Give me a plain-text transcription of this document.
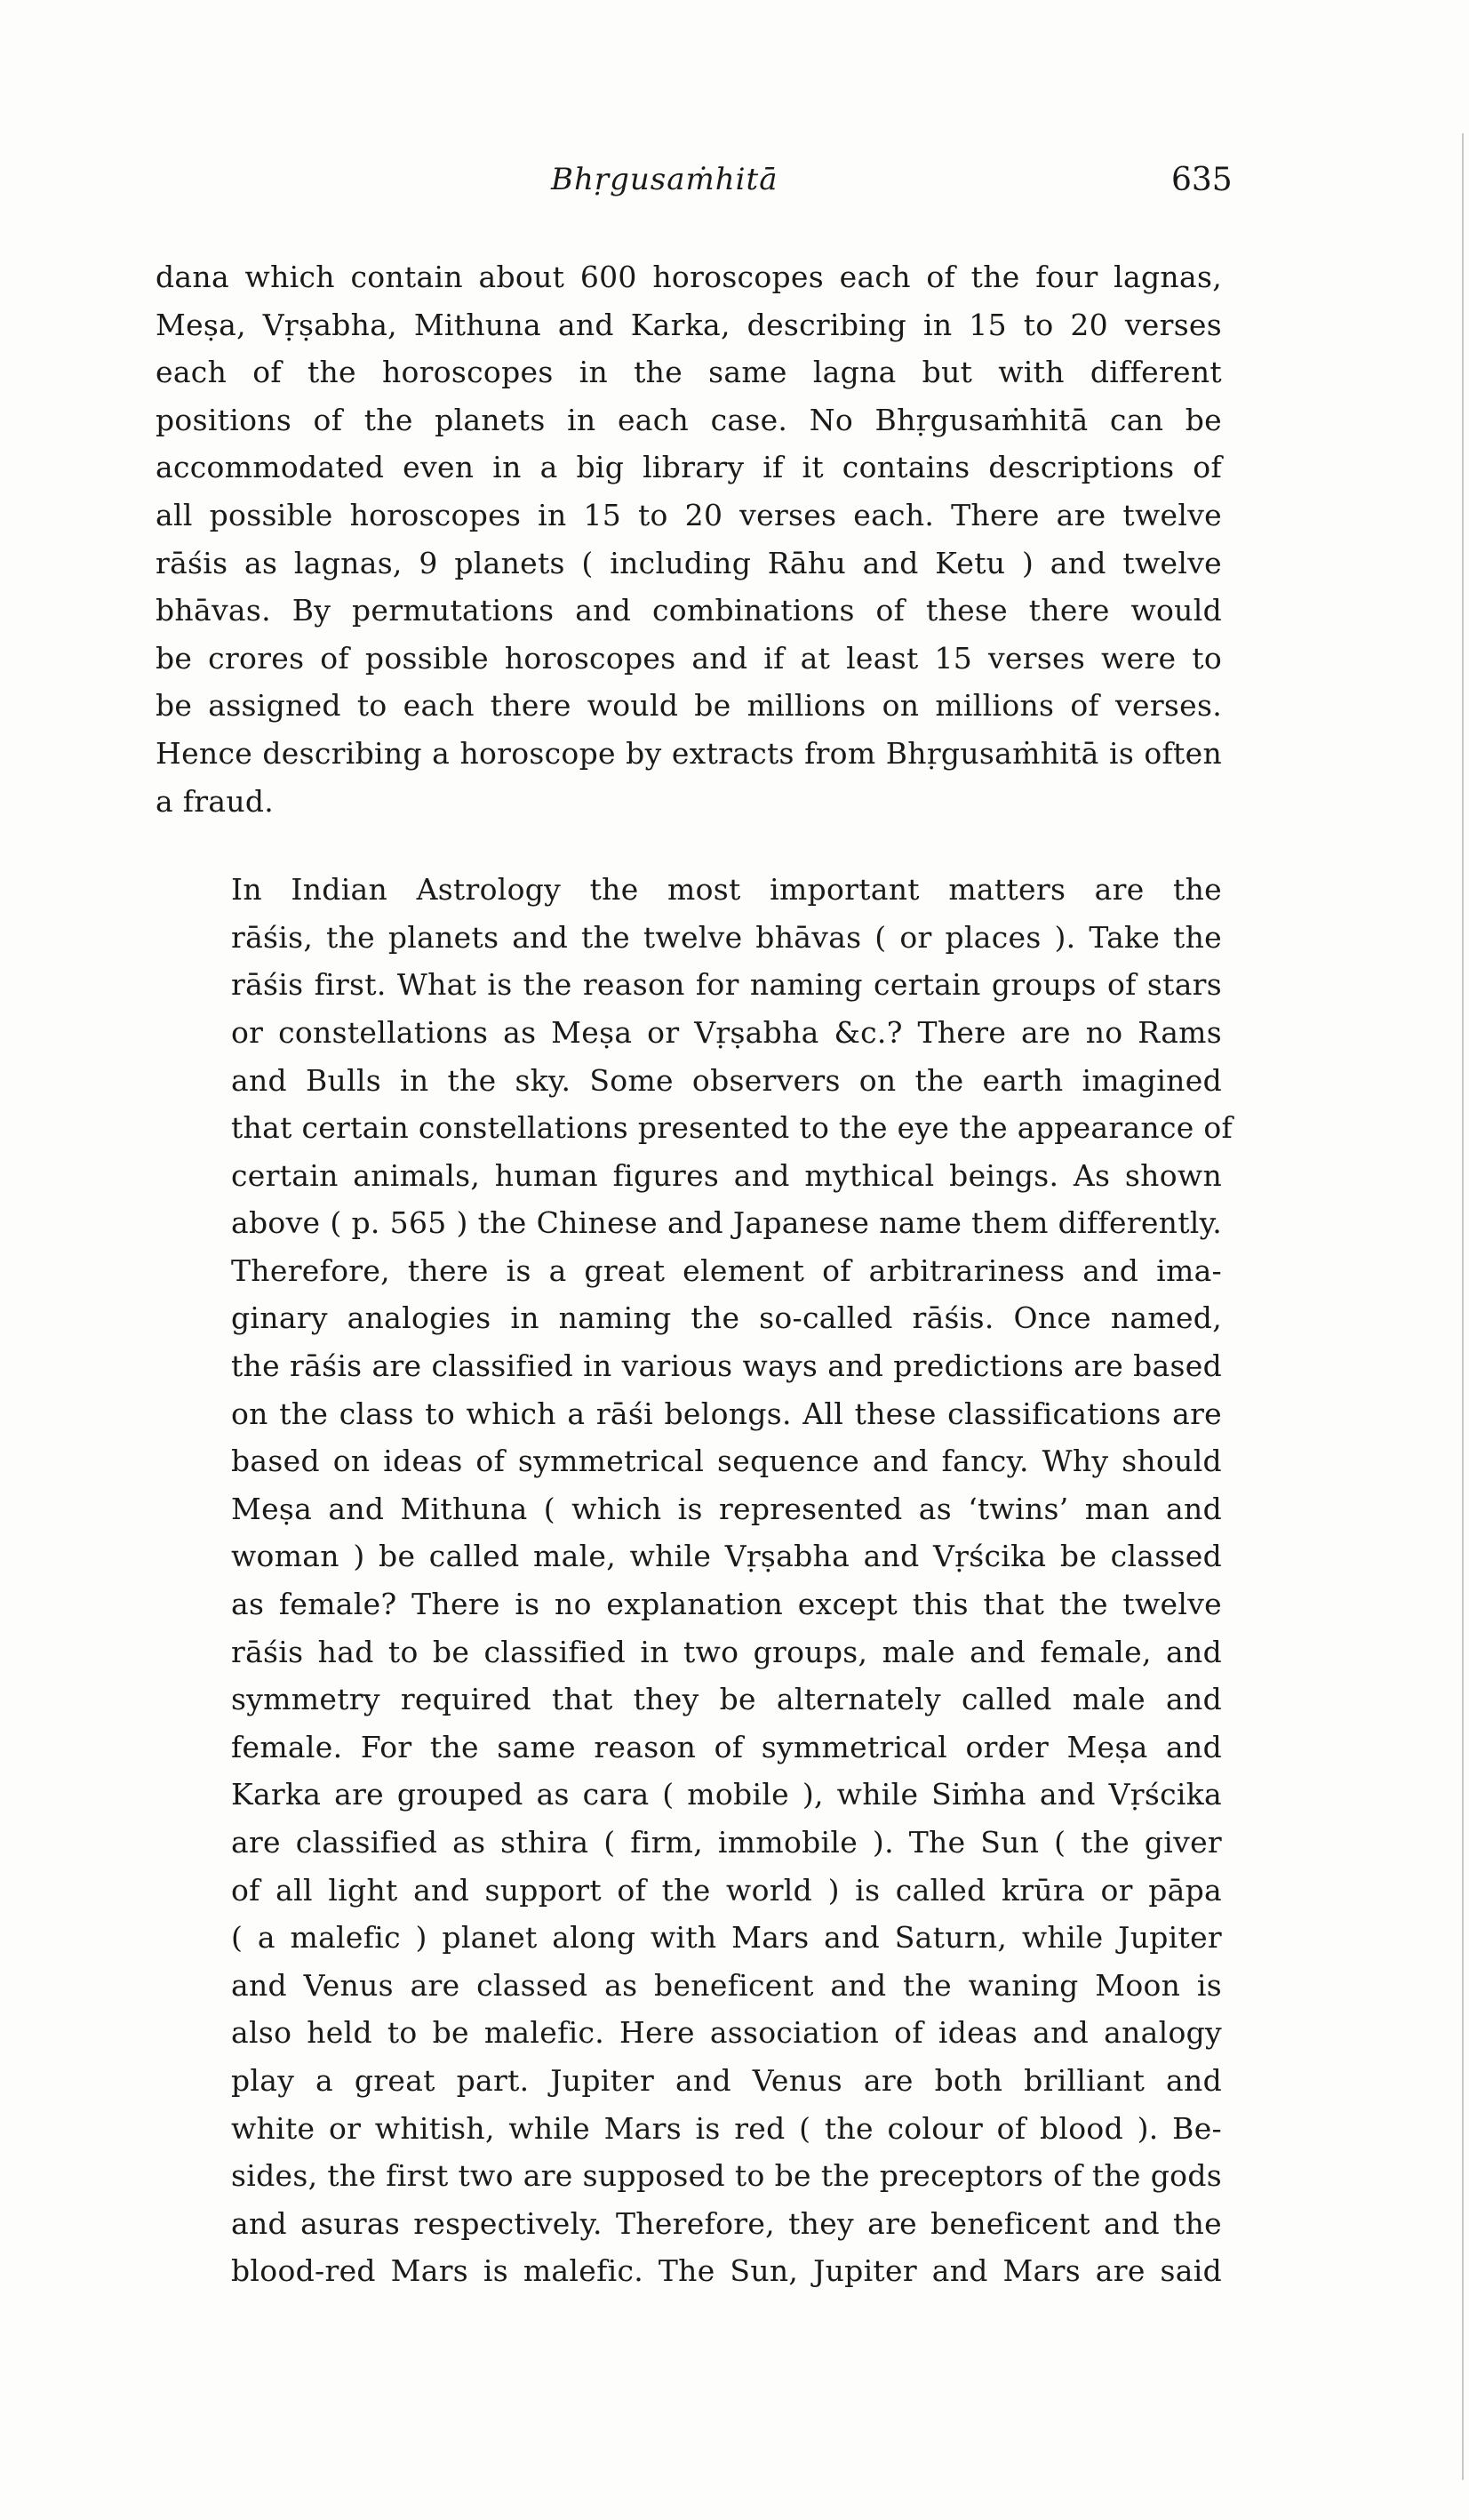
Bhṛgusaṁhitā	635

dana which contain about 600 horoscopes each of the four lagnas,
Meṣa, Vṛṣabha, Mithuna and Karka, describing in 15 to 20 verses
each of the horoscopes in the same lagna but with different
positions of the planets in each case. No Bhṛgusaṁhitā can be
accommodated even in a big library if it contains descriptions of
all possible horoscopes in 15 to 20 verses each. There are twelve
rāśis as lagnas, 9 planets ( including Rāhu and Ketu ) and twelve
bhāvas. By permutations and combinations of these there would
be crores of possible horoscopes and if at least 15 verses were to
be assigned to each there would be millions on millions of verses.
Hence describing a horoscope by extracts from Bhṛgusaṁhitā is often
a fraud.

In Indian Astrology the most important matters are the
rāśis, the planets and the twelve bhāvas ( or places ). Take the
rāśis first. What is the reason for naming certain groups of stars
or constellations as Meṣa or Vṛṣabha &c.? There are no Rams
and Bulls in the sky. Some observers on the earth imagined
that certain constellations presented to the eye the appearance of
certain animals, human figures and mythical beings. As shown
above ( p. 565 ) the Chinese and Japanese name them differently.
Therefore, there is a great element of arbitrariness and ima-
ginary analogies in naming the so-called rāśis. Once named,
the rāśis are classified in various ways and predictions are based
on the class to which a rāśi belongs. All these classifications are
based on ideas of symmetrical sequence and fancy. Why should
Meṣa and Mithuna ( which is represented as ‘twins’ man and
woman ) be called male, while Vṛṣabha and Vṛścika be classed
as female? There is no explanation except this that the twelve
rāśis had to be classified in two groups, male and female, and
symmetry required that they be alternately called male and
female. For the same reason of symmetrical order Meṣa and
Karka are grouped as cara ( mobile ), while Siṁha and Vṛścika
are classified as sthira ( firm, immobile ). The Sun ( the giver
of all light and support of the world ) is called krūra or pāpa
( a malefic ) planet along with Mars and Saturn, while Jupiter
and Venus are classed as beneficent and the waning Moon is
also held to be malefic. Here association of ideas and analogy
play a great part. Jupiter and Venus are both brilliant and
white or whitish, while Mars is red ( the colour of blood ). Be-
sides, the first two are supposed to be the preceptors of the gods
and asuras respectively. Therefore, they are beneficent and the
blood-red Mars is malefic. The Sun, Jupiter and Mars are said
